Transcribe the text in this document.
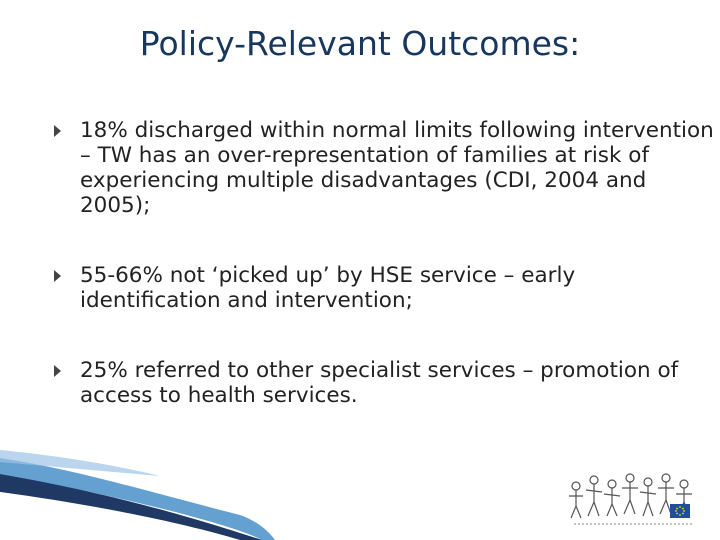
Policy-Relevant Outcomes:
18% discharged within normal limits following intervention – TW has an over-representation of families at risk of experiencing multiple disadvantages (CDI, 2004 and 2005);
55-66% not ‘picked up’ by HSE service – early identification and intervention;
25% referred to other specialist services – promotion of access to health services.
